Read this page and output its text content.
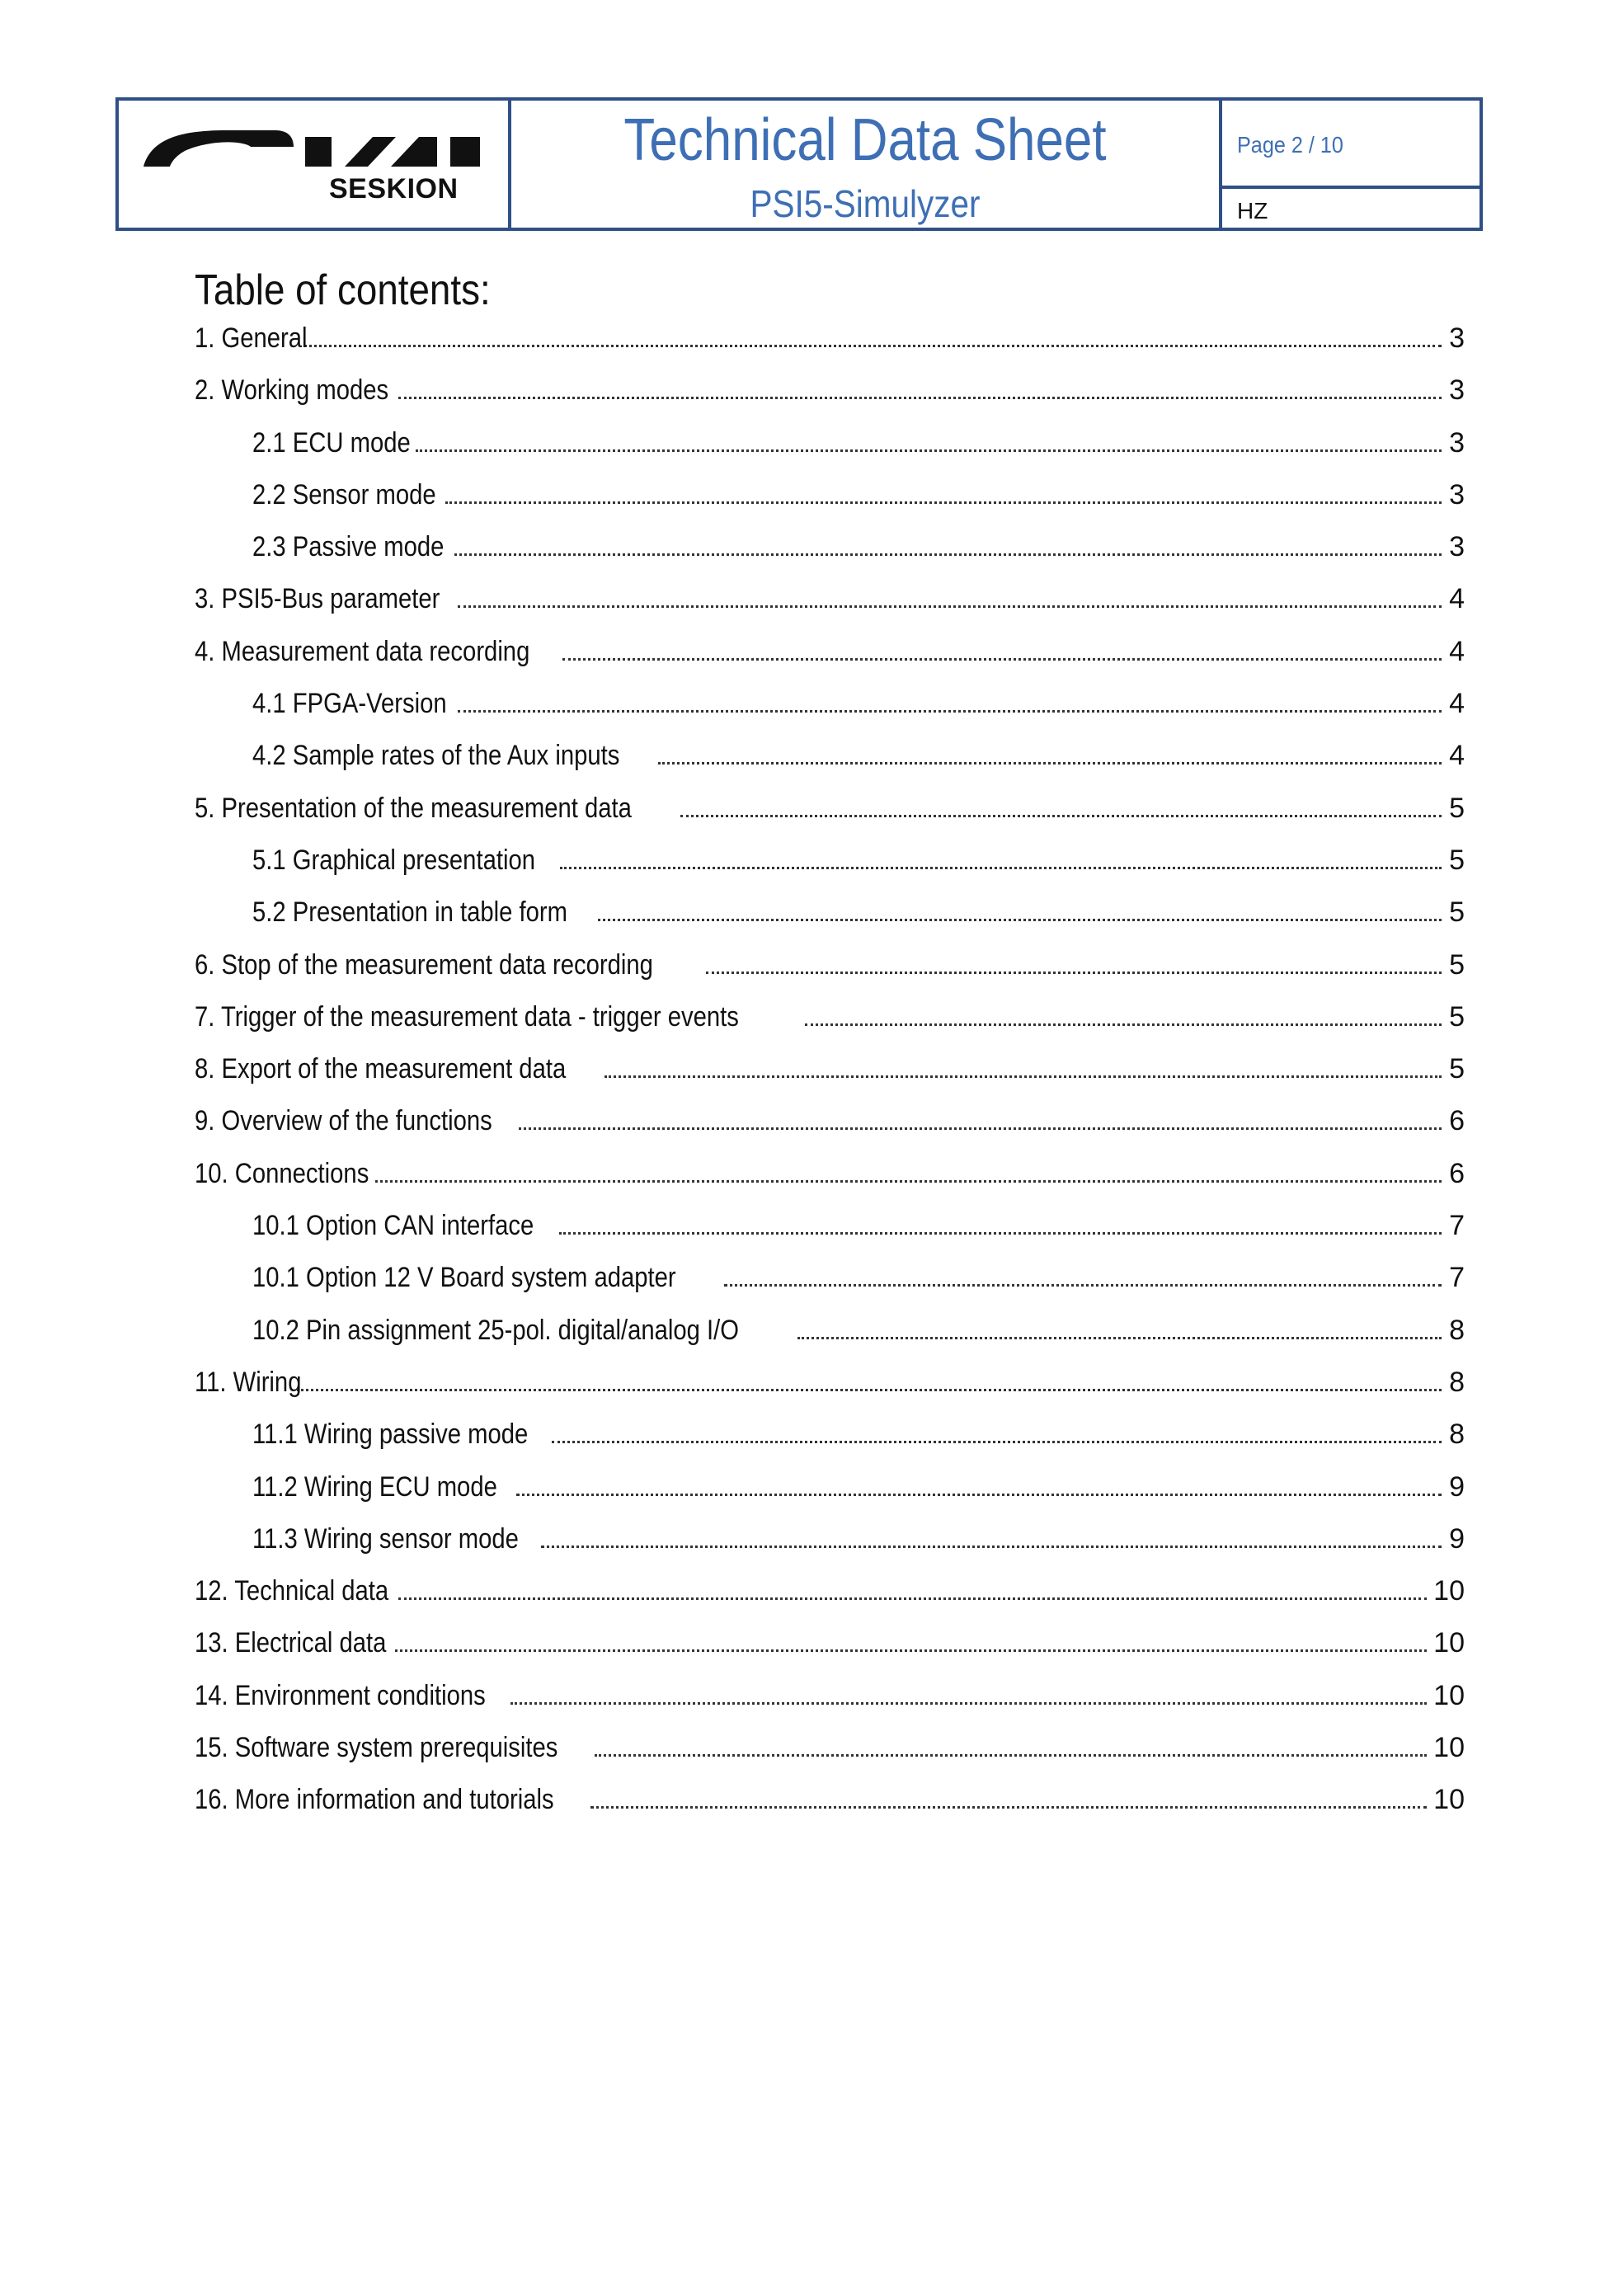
SESKION
Technical Data Sheet
PSI5-Simulyzer
Page 2 / 10
HZ
Table of contents:
1. General	3
2. Working modes	3
2.1 ECU mode	3
2.2 Sensor mode	3
2.3 Passive mode	3
3. PSI5-Bus parameter	4
4. Measurement data recording	4
4.1 FPGA-Version	4
4.2 Sample rates of the Aux inputs	4
5. Presentation of the measurement data	5
5.1 Graphical presentation	5
5.2 Presentation in table form	5
6. Stop of the measurement data recording	5
7. Trigger of the measurement data - trigger events	5
8. Export of the measurement data	5
9. Overview of the functions	6
10. Connections	6
10.1 Option CAN interface	7
10.1 Option 12 V Board system adapter	7
10.2 Pin assignment 25-pol. digital/analog I/O	8
11. Wiring	8
11.1 Wiring passive mode	8
11.2 Wiring ECU mode	9
11.3 Wiring sensor mode	9
12. Technical data	10
13. Electrical data	10
14. Environment conditions	10
15. Software system prerequisites	10
16. More information and tutorials	10
